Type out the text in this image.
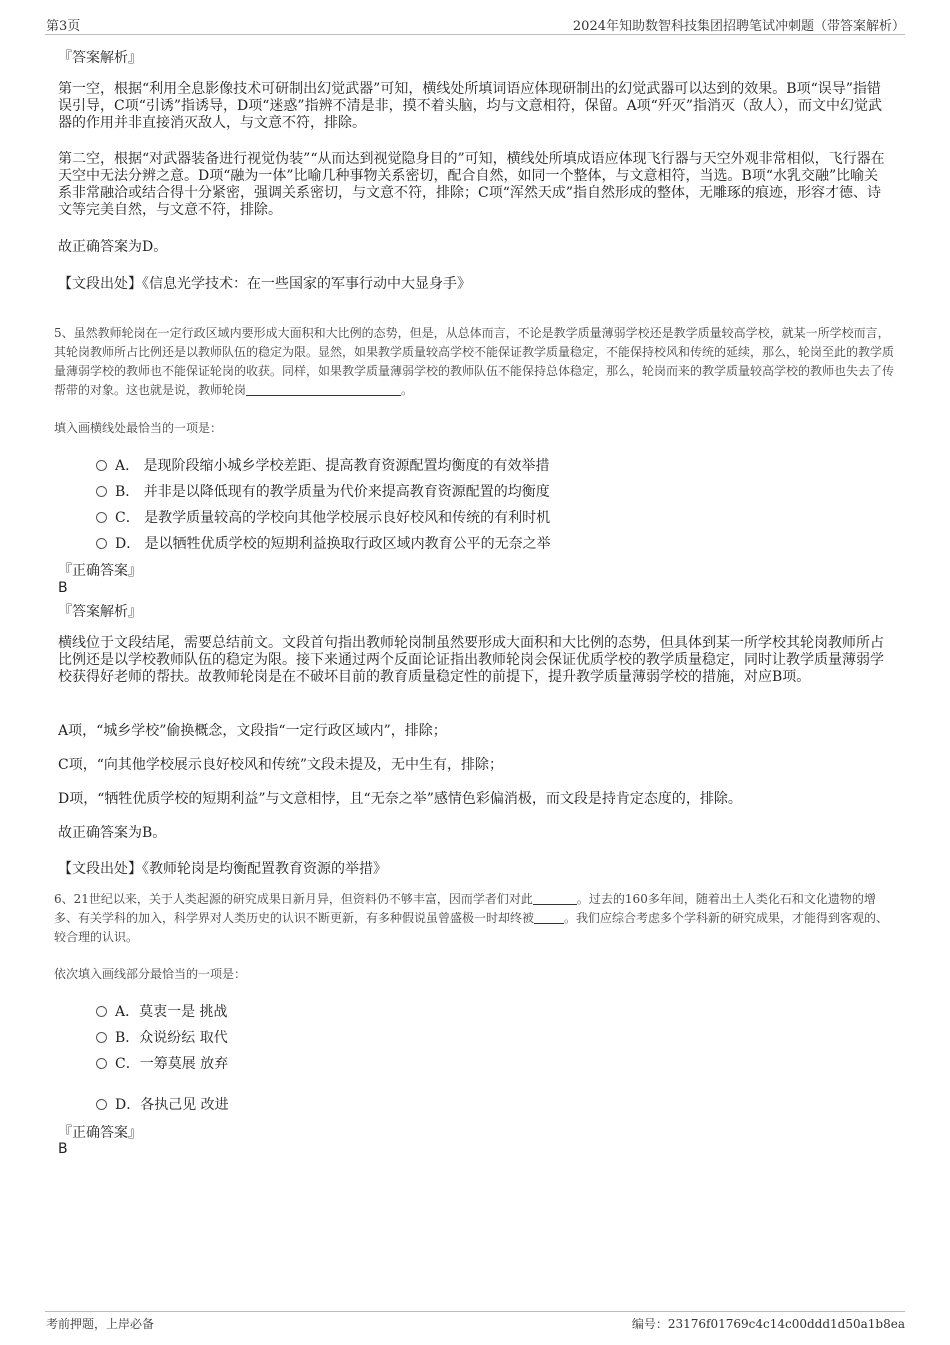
第3页	2024年知助数智科技集团招聘笔试冲刺题（带答案解析）
『答案解析』
第一空，根据“利用全息影像技术可研制出幻觉武器”可知，横线处所填词语应体现研制出的幻觉武器可以达到的效果。B项“误导”指错误引导，C项“引诱”指诱导，D项“迷惑”指辨不清是非，摸不着头脑，均与文意相符，保留。A项“歼灭”指消灭（敌人），而文中幻觉武器的作用并非直接消灭敌人，与文意不符，排除。
第二空，根据“对武器装备进行视觉伪装”“从而达到视觉隐身目的”可知，横线处所填成语应体现飞行器与天空外观非常相似，飞行器在天空中无法分辨之意。D项“融为一体”比喻几种事物关系密切，配合自然，如同一个整体，与文意相符，当选。B项“水乳交融”比喻关系非常融洽或结合得十分紧密，强调关系密切，与文意不符，排除；C项“浑然天成”指自然形成的整体，无雕琢的痕迹，形容才德、诗文等完美自然，与文意不符，排除。
故正确答案为D。
【文段出处】《信息光学技术：在一些国家的军事行动中大显身手》
5、虽然教师轮岗在一定行政区域内要形成大面积和大比例的态势，但是，从总体而言，不论是教学质量薄弱学校还是教学质量较高学校，就某一所学校而言，其轮岗教师所占比例还是以教师队伍的稳定为限。显然，如果教学质量较高学校不能保证教学质量稳定，不能保持校风和传统的延续，那么，轮岗至此的教学质量薄弱学校的教师也不能保证轮岗的收获。同样，如果教学质量薄弱学校的教师队伍不能保持总体稳定，那么，轮岗而来的教学质量较高学校的教师也失去了传帮带的对象。这也就是说，教师轮岗	。
填入画横线处最恰当的一项是：
A． 是现阶段缩小城乡学校差距、提高教育资源配置均衡度的有效举措
B． 并非是以降低现有的教学质量为代价来提高教育资源配置的均衡度
C． 是教学质量较高的学校向其他学校展示良好校风和传统的有利时机
D． 是以牺牲优质学校的短期利益换取行政区域内教育公平的无奈之举
『正确答案』
B
『答案解析』
横线位于文段结尾，需要总结前文。文段首句指出教师轮岗制虽然要形成大面积和大比例的态势，但具体到某一所学校其轮岗教师所占比例还是以学校教师队伍的稳定为限。接下来通过两个反面论证指出教师轮岗会保证优质学校的教学质量稳定，同时让教学质量薄弱学校获得好老师的帮扶。故教师轮岗是在不破坏目前的教育质量稳定性的前提下，提升教学质量薄弱学校的措施，对应B项。
A项，“城乡学校”偷换概念，文段指“一定行政区域内”，排除；
C项，“向其他学校展示良好校风和传统”文段未提及，无中生有，排除；
D项，“牺牲优质学校的短期利益”与文意相悖，且“无奈之举”感情色彩偏消极，而文段是持肯定态度的，排除。
故正确答案为B。
【文段出处】《教师轮岗是均衡配置教育资源的举措》
6、21世纪以来，关于人类起源的研究成果日新月异，但资料仍不够丰富，因而学者们对此	。过去的160多年间，随着出土人类化石和文化遗物的增多、有关学科的加入，科学界对人类历史的认识不断更新，有多种假说虽曾盛极一时却终被	。我们应综合考虑多个学科新的研究成果，才能得到客观的、较合理的认识。
依次填入画线部分最恰当的一项是：
A．莫衷一是 挑战
B．众说纷纭 取代
C．一筹莫展 放弃
D．各执己见 改进
『正确答案』
B
考前押题，上岸必备	编号：23176f01769c4c14c00ddd1d50a1b8ea
